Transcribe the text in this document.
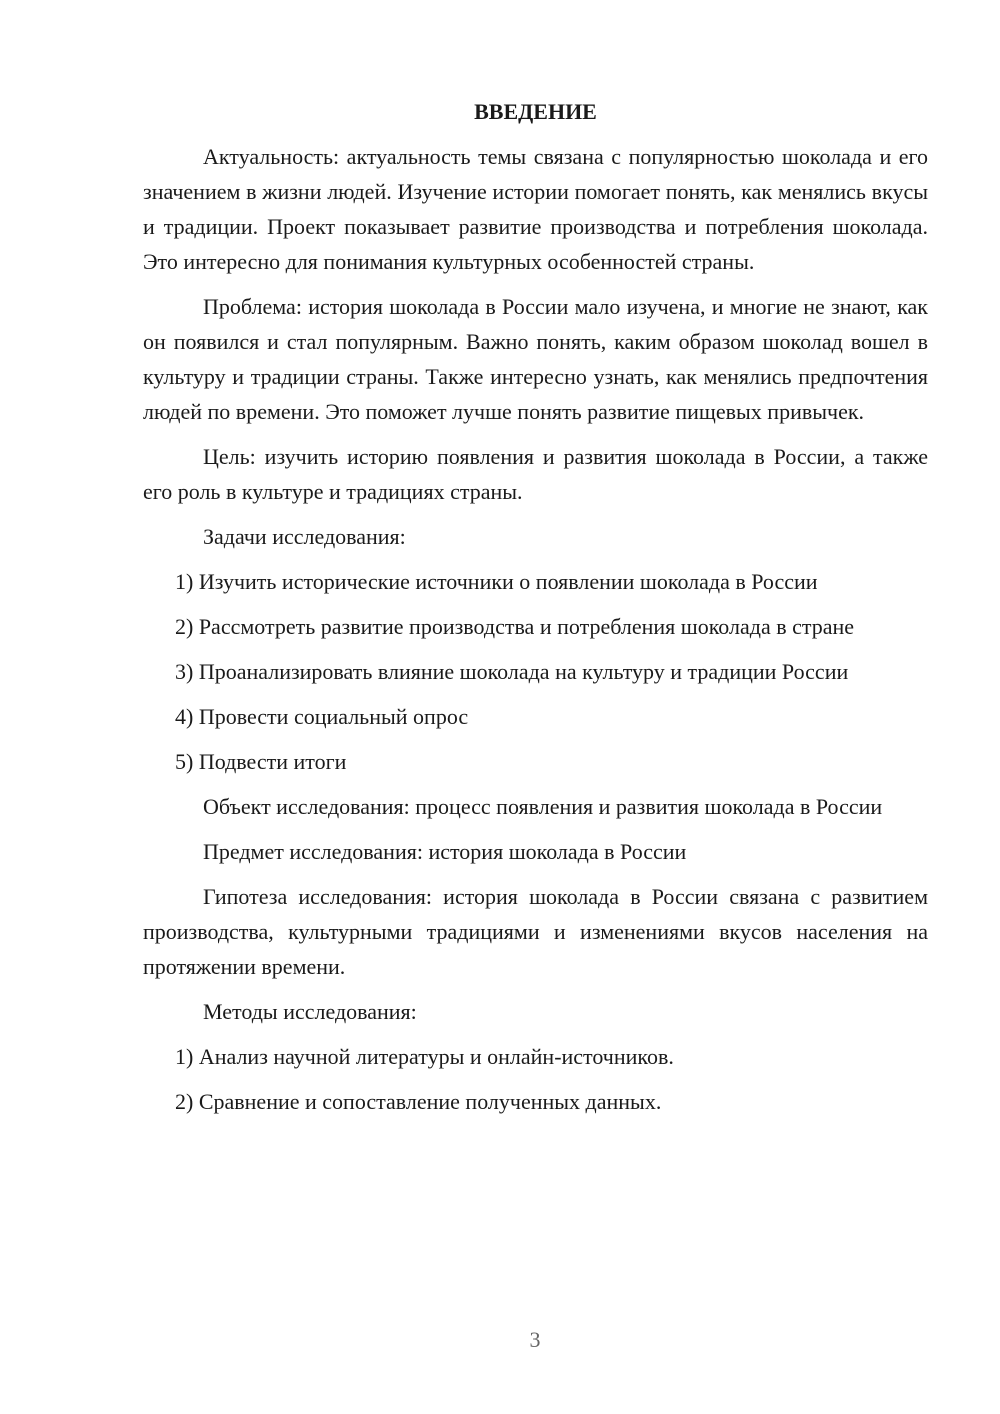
ВВЕДЕНИЕ

Актуальность: актуальность темы связана с популярностью шоколада и его значением в жизни людей. Изучение истории помогает понять, как менялись вкусы и традиции. Проект показывает развитие производства и потребления шоколада. Это интересно для понимания культурных особенностей страны.

Проблема: история шоколада в России мало изучена, и многие не знают, как он появился и стал популярным. Важно понять, каким образом шоколад вошел в культуру и традиции страны. Также интересно узнать, как менялись предпочтения людей по времени. Это поможет лучше понять развитие пищевых привычек.

Цель: изучить историю появления и развития шоколада в России, а также его роль в культуре и традициях страны.

Задачи исследования:

1) Изучить исторические источники о появлении шоколада в России

2) Рассмотреть развитие производства и потребления шоколада в стране

3) Проанализировать влияние шоколада на культуру и традиции России

4) Провести социальный опрос

5) Подвести итоги

Объект исследования: процесс появления и развития шоколада в России

Предмет исследования: история шоколада в России

Гипотеза исследования: история шоколада в России связана с развитием производства, культурными традициями и изменениями вкусов населения на протяжении времени.

Методы исследования:

1) Анализ научной литературы и онлайн-источников.

2) Сравнение и сопоставление полученных данных.

3
